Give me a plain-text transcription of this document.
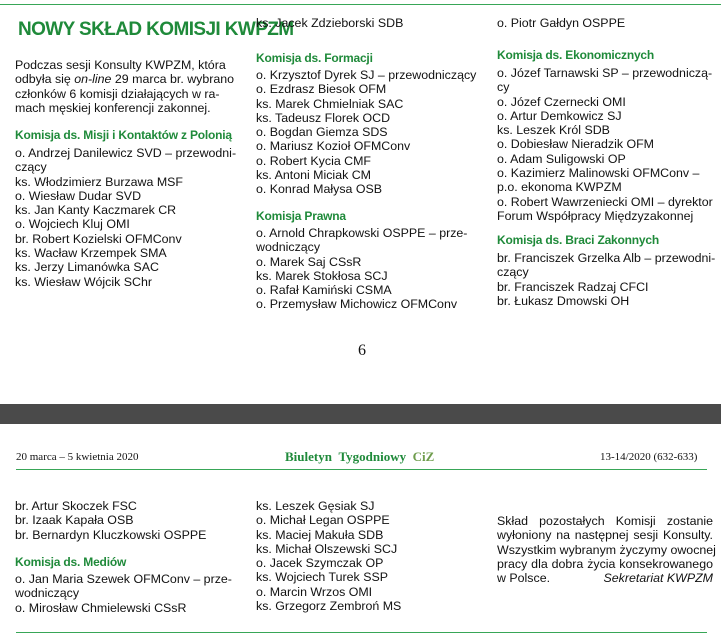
NOWY SKŁAD KOMISJI KWPZM
Podczas sesji Konsulty KWPZM, która
odbyła się on-line 29 marca br. wybrano
członków 6 komisji działających w ra-
mach męskiej konferencji zakonnej.
Komisja ds. Misji i Kontaktów z Polonią
o. Andrzej Danilewicz SVD – przewodni-
czący
ks. Włodzimierz Burzawa MSF
o. Wiesław Dudar SVD
ks. Jan Kanty Kaczmarek CR
o. Wojciech Kluj OMI
br. Robert Kozielski OFMConv
ks. Wacław Krzempek SMA
ks. Jerzy Limanówka SAC
ks. Wiesław Wójcik SChr
ks. Jacek Zdzieborski SDB
Komisja ds. Formacji
o. Krzysztof Dyrek SJ – przewodniczący
o. Ezdrasz Biesok OFM
ks. Marek Chmielniak SAC
ks. Tadeusz Florek OCD
o. Bogdan Giemza SDS
o. Mariusz Kozioł OFMConv
o. Robert Kycia CMF
ks. Antoni Miciak CM
o. Konrad Małysa OSB
Komisja Prawna
o. Arnold Chrapkowski OSPPE – prze-
wodniczący
o. Marek Saj CSsR
ks. Marek Stokłosa SCJ
o. Rafał Kamiński CSMA
o. Przemysław Michowicz OFMConv
o. Piotr Gałdyn OSPPE
Komisja ds. Ekonomicznych
o. Józef Tarnawski SP – przewodniczą-
cy
o. Józef Czernecki OMI
o. Artur Demkowicz SJ
ks. Leszek Król SDB
o. Dobiesław Nieradzik OFM
o. Adam Suligowski OP
o. Kazimierz Malinowski OFMConv –
p.o. ekonoma KWPZM
o. Robert Wawrzeniecki OMI – dyrektor
Forum Współpracy Międzyzakonnej
Komisja ds. Braci Zakonnych
br. Franciszek Grzelka Alb – przewodni-
czący
br. Franciszek Radzaj CFCI
br. Łukasz Dmowski OH
6
20 marca – 5 kwietnia 2020	Biuletyn Tygodniowy CiZ	13-14/2020 (632-633)
br. Artur Skoczek FSC
br. Izaak Kapała OSB
br. Bernardyn Kluczkowski OSPPE
Komisja ds. Mediów
o. Jan Maria Szewek OFMConv – prze-
wodniczący
o. Mirosław Chmielewski CSsR
ks. Leszek Gęsiak SJ
o. Michał Legan OSPPE
ks. Maciej Makuła SDB
ks. Michał Olszewski SCJ
o. Jacek Szymczak OP
ks. Wojciech Turek SSP
o. Marcin Wrzos OMI
ks. Grzegorz Zembroń MS
Skład pozostałych Komisji zostanie
wyłoniony na następnej sesji Konsulty.
Wszystkim wybranym życzymy owocnej
pracy dla dobra życia konsekrowanego
w Polsce.	Sekretariat KWPZM
